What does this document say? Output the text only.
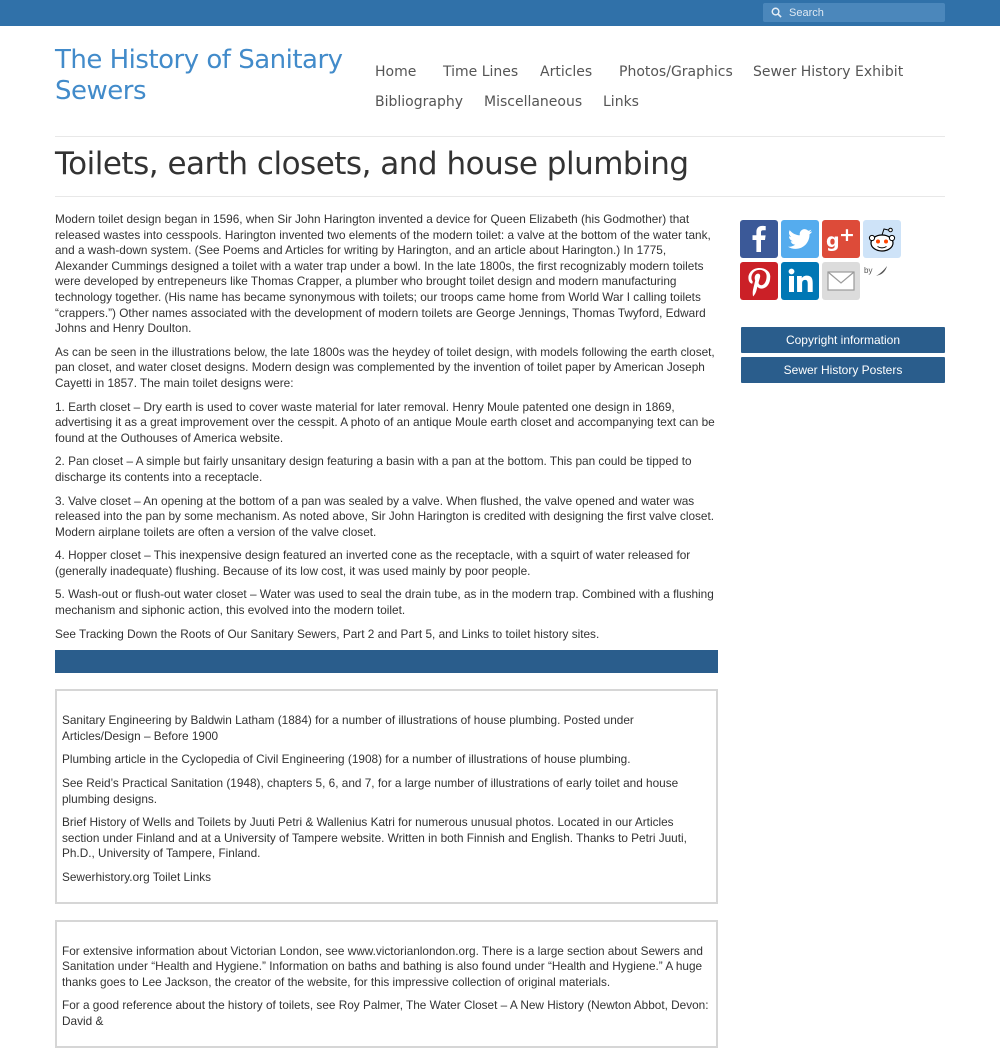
Search
The History of Sanitary
Sewers
Home Time Lines Articles Photos/Graphics Sewer History Exhibit
Bibliography Miscellaneous Links
Toilets, earth closets, and house plumbing

Modern toilet design began in 1596, when Sir John Harington invented a device for Queen Elizabeth (his Godmother) that released wastes into cesspools. Harington invented two elements of the modern toilet: a valve at the bottom of the water tank, and a wash-down system. (See Poems and Articles for writing by Harington, and an article about Harington.) In 1775, Alexander Cummings designed a toilet with a water trap under a bowl. In the late 1800s, the first recognizably modern toilets were developed by entrepeneurs like Thomas Crapper, a plumber who brought toilet design and modern manufacturing technology together. (His name has became synonymous with toilets; our troops came home from World War I calling toilets “crappers.”) Other names associated with the development of modern toilets are George Jennings, Thomas Twyford, Edward Johns and Henry Doulton.

As can be seen in the illustrations below, the late 1800s was the heydey of toilet design, with models following the earth closet, pan closet, and water closet designs. Modern design was complemented by the invention of toilet paper by American Joseph Cayetti in 1857. The main toilet designs were:

1. Earth closet – Dry earth is used to cover waste material for later removal. Henry Moule patented one design in 1869, advertising it as a great improvement over the cesspit. A photo of an antique Moule earth closet and accompanying text can be found at the Outhouses of America website.

2. Pan closet – A simple but fairly unsanitary design featuring a basin with a pan at the bottom. This pan could be tipped to discharge its contents into a receptacle.

3. Valve closet – An opening at the bottom of a pan was sealed by a valve. When flushed, the valve opened and water was released into the pan by some mechanism. As noted above, Sir John Harington is credited with designing the first valve closet. Modern airplane toilets are often a version of the valve closet.

4. Hopper closet – This inexpensive design featured an inverted cone as the receptacle, with a squirt of water released for (generally inadequate) flushing. Because of its low cost, it was used mainly by poor people.

5. Wash-out or flush-out water closet – Water was used to seal the drain tube, as in the modern trap. Combined with a flushing mechanism and siphonic action, this evolved into the modern toilet.

See Tracking Down the Roots of Our Sanitary Sewers, Part 2 and Part 5, and Links to toilet history sites.

Sanitary Engineering by Baldwin Latham (1884) for a number of illustrations of house plumbing. Posted under Articles/Design – Before 1900

Plumbing article in the Cyclopedia of Civil Engineering (1908) for a number of illustrations of house plumbing.

See Reid’s Practical Sanitation (1948), chapters 5, 6, and 7, for a large number of illustrations of early toilet and house plumbing designs.

Brief History of Wells and Toilets by Juuti Petri & Wallenius Katri for numerous unusual photos. Located in our Articles section under Finland and at a University of Tampere website. Written in both Finnish and English. Thanks to Petri Juuti, Ph.D., University of Tampere, Finland.

Sewerhistory.org Toilet Links

For extensive information about Victorian London, see www.victorianlondon.org. There is a large section about Sewers and Sanitation under “Health and Hygiene.” Information on baths and bathing is also found under “Health and Hygiene.” A huge thanks goes to Lee Jackson, the creator of the website, for this impressive collection of original materials.

For a good reference about the history of toilets, see Roy Palmer, The Water Closet – A New History (Newton Abbot, Devon: David &

g +
by
Copyright information
Sewer History Posters
